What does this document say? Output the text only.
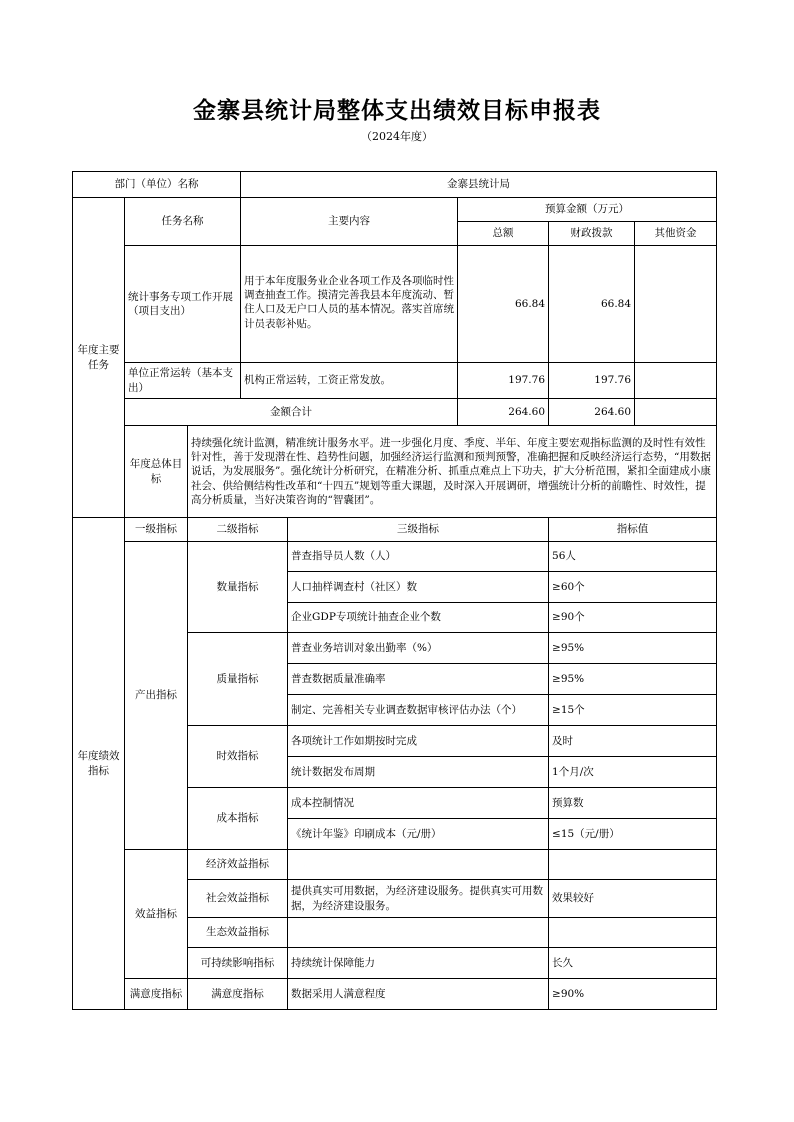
金寨县统计局整体支出绩效目标申报表
（2024年度）
部门（单位）名称			金寨县统计局				
年度主要任务	任务名称		主要内容		预算金额（万元）		
					总额	财政拨款	其他资金
	统计事务专项工作开展（项目支出）		用于本年度服务业企业各项工作及各项临时性调查抽查工作。摸清完善我县本年度流动、暂住人口及无户口人员的基本情况。落实首席统计员表彰补贴。		66.84	66.84	
	单位正常运转（基本支出）		机构正常运转，工资正常发放。		197.76	197.76	
	金额合计				264.60	264.60	
	年度总体目标	持续强化统计监测，精准统计服务水平。进一步强化月度、季度、半年、年度主要宏观指标监测的及时性有效性针对性，善于发现潜在性、趋势性问题，加强经济运行监测和预判预警，准确把握和反映经济运行态势，“用数据说话，为发展服务”。强化统计分析研究，在精准分析、抓重点难点上下功夫，扩大分析范围，紧扣全面建成小康社会、供给侧结构性改革和“十四五”规划等重大课题，及时深入开展调研，增强统计分析的前瞻性、时效性，提高分析质量，当好决策咨询的“智囊团”。					
年度绩效指标	一级指标	二级指标		三级指标		指标值	
	产出指标	数量指标		普查指导员人数（人）		56人	
				人口抽样调查村（社区）数		≥60个	
				企业GDP专项统计抽查企业个数		≥90个	
		质量指标		普查业务培训对象出勤率（%）		≥95%	
				普查数据质量准确率		≥95%	
				制定、完善相关专业调查数据审核评估办法（个）		≥15个	
		时效指标		各项统计工作如期按时完成		及时	
				统计数据发布周期		1个月/次	
		成本指标		成本控制情况		预算数	
				《统计年鉴》印刷成本（元/册）		≤15（元/册）	
	效益指标	经济效益指标					
		社会效益指标		提供真实可用数据，为经济建设服务。提供真实可用数据，为经济建设服务。		效果较好	
		生态效益指标					
		可持续影响指标		持续统计保障能力		长久	
	满意度指标	满意度指标		数据采用人满意程度		≥90%	
